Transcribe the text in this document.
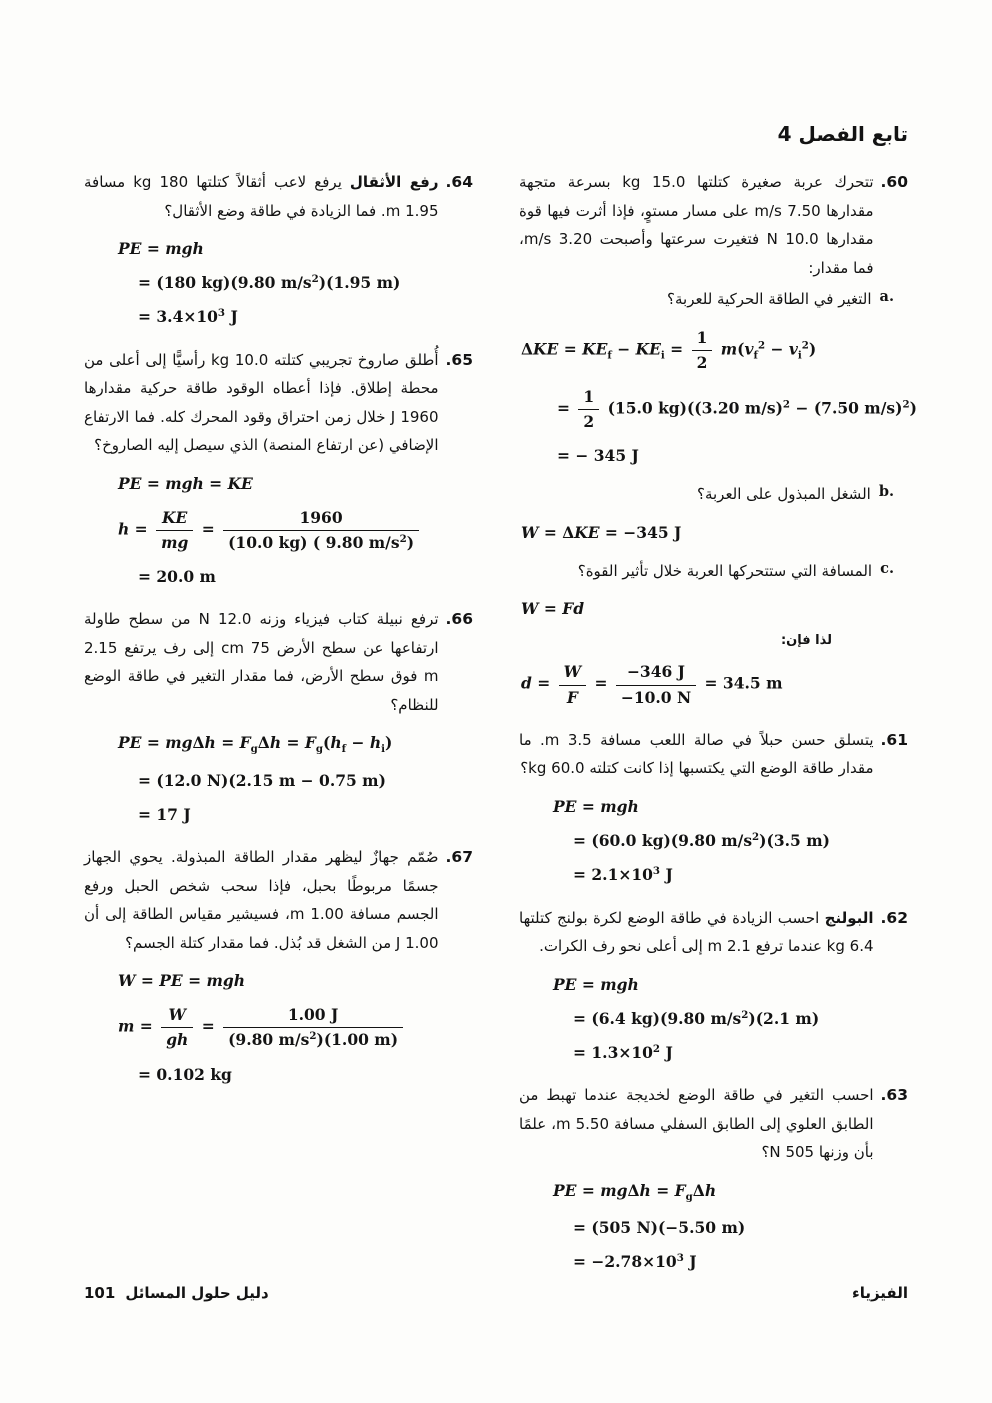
تابع الفصل 4
60.

تتحرك عربة صغيرة كتلتها 15.0 kg بسرعة متجهة مقدارها 7.50 m/s على مسار مستوٍ، فإذا أثرت فيها قوة مقدارها 10.0 N فتغيرت سرعتها وأصبحت 3.20 m/s، فما مقدار:

a.
التغير في الطاقة الحركية للعربة؟
$\Delta KE = KE_f - KE_i = \frac{1}{2} m(v_f^2 - v_i^2)$
= $\frac{1}{2} (15.0$ kg)((3.20 m/s)$^2$ − (7.50 m/s)$^2$)
= − 345 J
b.
الشغل المبذول على العربة؟
W = ΔKE = −345 J
c.
المسافة التي ستتحركها العربة خلال تأثير القوة؟
W = Fd
لذا فإن:
$d = \frac{W}{F} = \frac{-346 J}{-10.0 N} = 34.5$ m
61.

يتسلق حسن حبلاً في صالة اللعب مسافة 3.5 m. ما مقدار طاقة الوضع التي يكتسبها إذا كانت كتلته 60.0 kg؟

PE = mgh
= (60.0 kg)(9.80 $m/s^2)(3.5$ m)
= $2.1\times 10^3$ J
62.

البولنج احسب الزيادة في طاقة الوضع لكرة بولنج كتلتها 6.4 kg عندما ترفع 2.1 m إلى أعلى نحو رف الكرات.

PE = mgh
= (6.4 kg)(9.80 $m/s^2)(2.1$ m)
= $1.3\times 10^2$ J
63.

احسب التغير في طاقة الوضع لخديجة عندما تهبط من الطابق العلوي إلى الطابق السفلي مسافة 5.50 m، علمًا بأن وزنها 505 N؟

PE = $mg\Delta h = F_g\Delta h$
= (505 N)(−5.50 m)
= $-2.78\times 10^3$ J
64.

رفع الأثقال يرفع لاعب أثقالاً كتلتها 180 kg مسافة 1.95 m. فما الزيادة في طاقة وضع الأثقال؟

PE = mgh
= (180 kg)(9.80 $m/s^2)(1.95$ m)
= $3.4\times 10^3$ J
65.

أُطلق صاروخ تجريبي كتلته 10.0 kg رأسيًّا إلى أعلى من محطة إطلاق. فإذا أعطاه الوقود طاقة حركية مقدارها 1960 J خلال زمن احتراق وقود المحرك كله. فما الارتفاع الإضافي (عن ارتفاع المنصة) الذي سيصل إليه الصاروخ؟

PE = mgh = KE
$h = \frac{KE}{mg} = \frac{1960}{(10.0 kg) ( 9.80 m/s^2)}$
= 20.0 m
66.

ترفع نبيلة كتاب فيزياء وزنه 12.0 N من سطح طاولة ارتفاعها عن سطح الأرض 75 cm إلى رف يرتفع 2.15 m فوق سطح الأرض، فما مقدار التغير في طاقة الوضع للنظام؟

PE = $mg\Delta h = F_g\Delta h = F_g(h_f - h_i)$
= (12.0 N)(2.15 m − 0.75 m)
= 17 J
67.

صُمّم جهازٌ ليظهر مقدار الطاقة المبذولة. يحوي الجهاز جسمًا مربوطًا بحبل، فإذا سحب شخص الحبل ورفع الجسم مسافة 1.00 m، فسيشير مقياس الطاقة إلى أن 1.00 J من الشغل قد بُذل. فما مقدار كتلة الجسم؟

W = PE = mgh
$m = \frac{W}{gh} = \frac{1.00 J}{(9.80 m/s^2)(1.00 m)}$
= 0.102 kg
الفيزياء
دليل حلول المسائل
101
